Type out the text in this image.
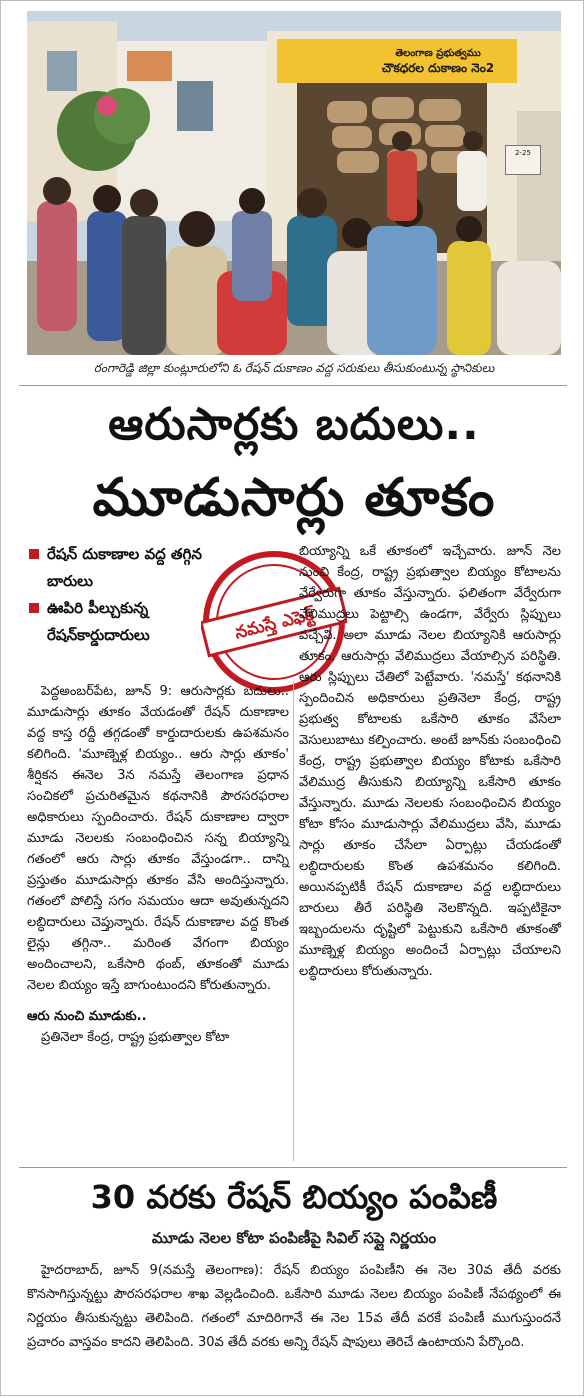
తెలంగాణ ప్రభుత్వము
చౌకధరల దుకాణం నెం2
2-25
రంగారెడ్డి జిల్లా కుంట్లూరులోని ఓ రేషన్‌ దుకాణం వద్ద సరుకులు తీసుకుంటున్న స్థానికులు
ఆరుసార్లకు బదులు..
మూడుసార్లు తూకం
రేషన్‌ దుకాణాల వద్ద తగ్గిన బారులు
ఊపిరి పీల్చుకున్న రేషన్‌కార్డుదారులు	నమస్తే ఎఫెక్ట్‌

పెద్దఅంబర్‌పేట, జూన్‌ 9: ఆరుసార్లకు బదులు.. మూడుసార్లు తూకం వేయడంతో రేషన్‌ దుకాణాల వద్ద కాస్త రద్దీ తగ్గడంతో కార్డుదారులకు ఉపశమనం కలిగింది. 'మూణ్నెళ్ల బియ్యం.. ఆరు సార్లు తూకం' శీర్షికన ఈనెల 3న నమస్తే తెలంగాణ ప్రధాన సంచికలో ప్రచురితమైన కథనానికి పౌరసరఫరాల అధికారులు స్పందించారు. రేషన్‌ దుకాణాల ద్వారా మూడు నెలలకు సంబంధించిన సన్న బియ్యాన్ని గతంలో ఆరు సార్లు తూకం వేస్తుండగా.. దాన్ని ప్రస్తుతం మూడుసార్లు తూకం వేసి అందిస్తున్నారు. గతంలో పోలిస్తే సగం సమయం ఆదా అవుతున్నదని లబ్ధిదారులు చెప్తున్నారు. రేషన్‌ దుకాణాల వద్ద కొంత లైన్లు తగ్గినా.. మరింత వేగంగా బియ్యం అందించాలని, ఒకేసారి థంబ్‌, తూకంతో మూడు నెలల బియ్యం ఇస్తే బాగుంటుందని కోరుతున్నారు.

ఆరు నుంచి మూడుకు..

ప్రతినెలా కేంద్ర, రాష్ట్ర ప్రభుత్వాల కోటా

బియ్యాన్ని ఒకే తూకంలో ఇచ్చేవారు. జూన్‌ నెల నుంచి కేంద్ర, రాష్ట్ర ప్రభుత్వాల బియ్యం కోటాలను వేర్వేరుగా తూకం వేస్తున్నారు. ఫలితంగా వేర్వేరుగా వేలిముద్రలు పెట్టాల్సి ఉండగా, వేర్వేరు స్లిప్పులు వచ్చేవి. అలా మూడు నెలల బియ్యానికి ఆరుసార్లు తూకం, ఆరుసార్లు వేలిముద్రలు వేయాల్సిన పరిస్థితి. ఆరు స్లిప్పులు చేతిలో పెట్టేవారు. 'నమస్తే' కథనానికి స్పందించిన అధికారులు ప్రతినెలా కేంద్ర, రాష్ట్ర ప్రభుత్వ కోటాలకు ఒకేసారి తూకం వేసేలా వెసులుబాటు కల్పించారు. అంటే జూన్‌కు సంబంధించి కేంద్ర, రాష్ట్ర ప్రభుత్వాల బియ్యం కోటాకు ఒకేసారి వేలిముద్ర తీసుకుని బియ్యాన్ని ఒకేసారి తూకం వేస్తున్నారు. మూడు నెలలకు సంబంధించిన బియ్యం కోటా కోసం మూడుసార్లు వేలిముద్రలు వేసి, మూడు సార్లు తూకం చేసేలా ఏర్పాట్లు చేయడంతో లబ్ధిదారులకు కొంత ఉపశమనం కలిగింది. అయినప్పటికీ రేషన్‌ దుకాణాల వద్ద లబ్ధిదారులు బారులు తీరే పరిస్థితి నెలకొన్నది. ఇప్పటికైనా ఇబ్బందులను దృష్టిలో పెట్టుకుని ఒకేసారి తూకంతో మూణ్నెళ్ల బియ్యం అందించే ఏర్పాట్లు చేయాలని లబ్ధిదారులు కోరుతున్నారు.

30 వరకు రేషన్‌ బియ్యం పంపిణీ
మూడు నెలల కోటా పంపిణీపై సివిల్‌ సప్లై నిర్ణయం

హైదరాబాద్‌, జూన్‌ 9(నమస్తే తెలంగాణ): రేషన్‌ బియ్యం పంపిణీని ఈ నెల 30వ తేదీ వరకు కొనసాగిస్తున్నట్టు పౌరసరఫరాల శాఖ వెల్లడించింది. ఒకేసారి మూడు నెలల బియ్యం పంపిణీ నేపథ్యంలో ఈ నిర్ణయం తీసుకున్నట్టు తెలిపింది. గతంలో మాదిరిగానే ఈ నెల 15వ తేదీ వరకే పంపిణీ ముగుస్తుందనే ప్రచారం వాస్తవం కాదని తెలిపింది. 30వ తేదీ వరకు అన్ని రేషన్‌ షాపులు తెరిచే ఉంటాయని పేర్కొంది.
